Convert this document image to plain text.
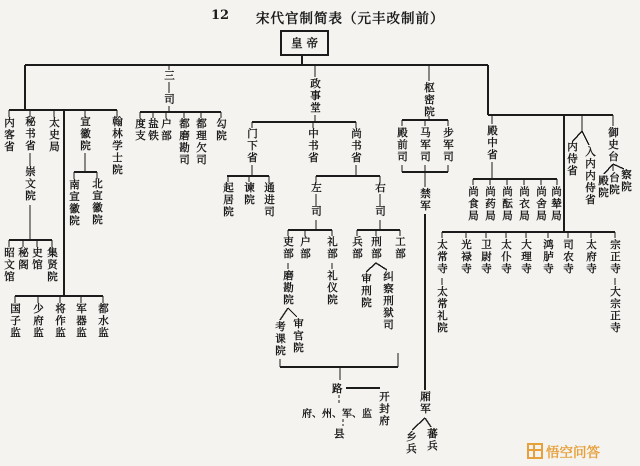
12 宋代官制简表（元丰改制前）
皇 帝
内客省 秘书省
崇文院
太史局 宣徽院 翰林学士院
南宣徽院 北宣徽院
昭文馆 秘阁 史馆 集贤院
国子监 少府监 将作监 军器监 都水监
三司
度支 盐铁 户部 都磨勘司 都理欠司 勾院
政事堂
门下省	中书省	尚书省
起居院 谏院 通进司	左司	右司
吏部 户部 礼部 兵部 刑部 工部
磨勘院
考课院 审官院
礼仪院 审刑院 纠察刑狱司
路
府、州、军、监
县
开封府
枢密院
殿前司 马军司 步军司
禁军
厢军
乡兵 蕃兵
殿中省
尚食局 尚药局 尚酝局 尚衣局 尚舍局 尚辇局
内侍省 入内内侍省
御史台
殿院 台院 察院
太常寺 光禄寺 卫尉寺 太仆寺 大理寺 鸿胪寺 司农寺 太府寺 宗正寺
太常礼院	大宗正寺
悟空问答
